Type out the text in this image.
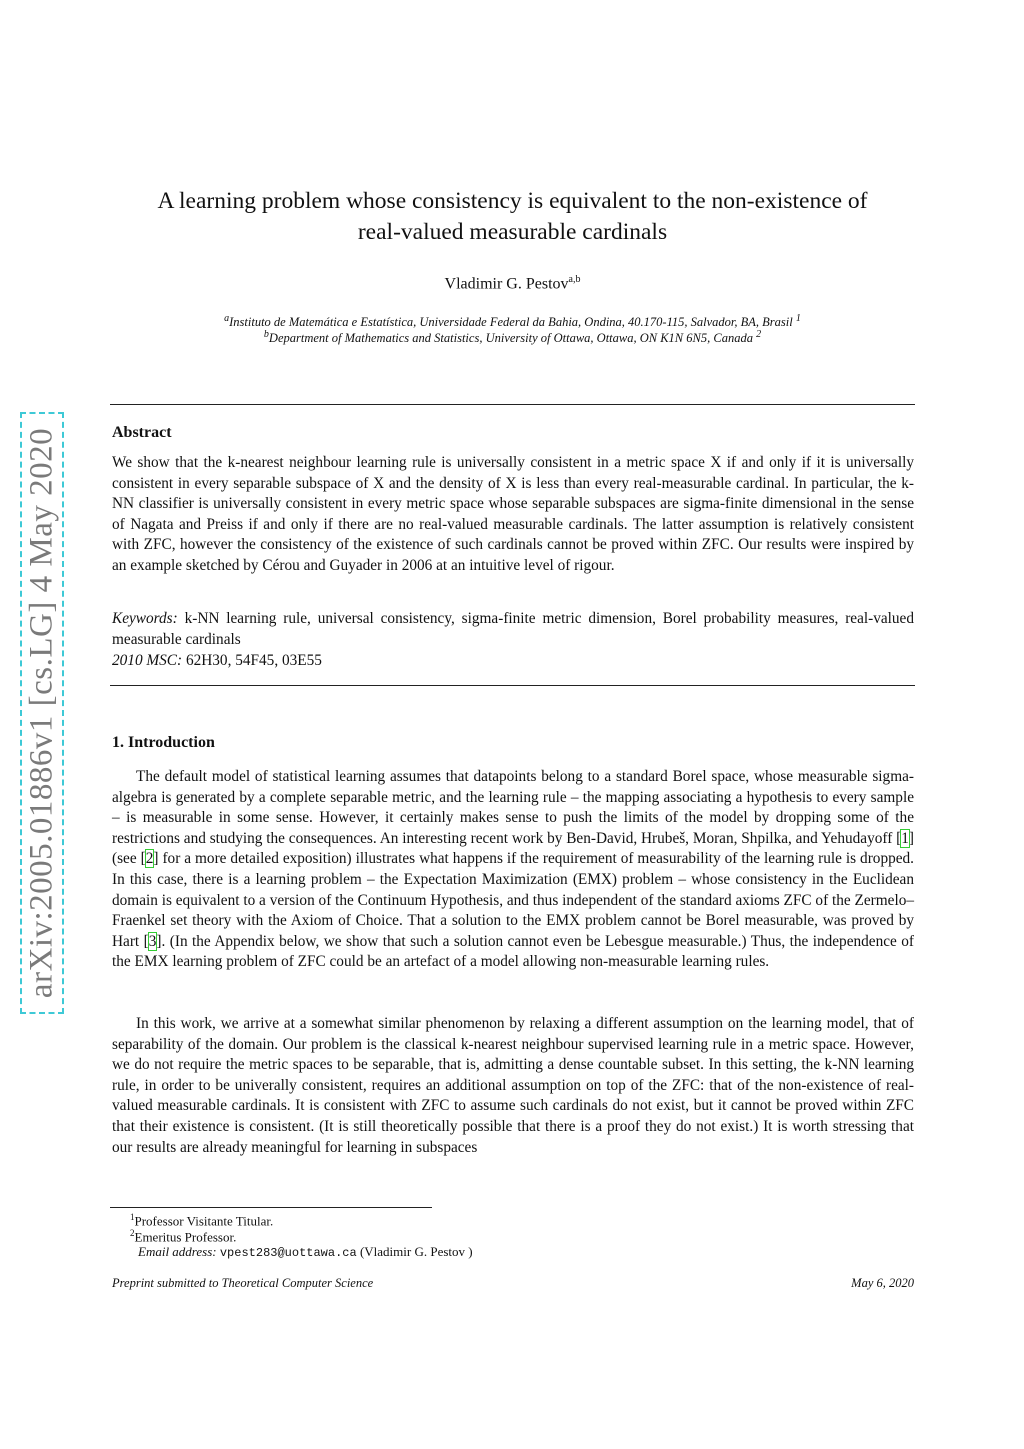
arXiv:2005.01886v1 [cs.LG] 4 May 2020
A learning problem whose consistency is equivalent to the non-existence of
real-valued measurable cardinals
Vladimir G. Pestov$^{a,b}$
$^a$Instituto de Matemática e Estatística, Universidade Federal da Bahia, Ondina, 40.170-115, Salvador, BA, Brasil $^1$
$^b$Department of Mathematics and Statistics, University of Ottawa, Ottawa, ON K1N 6N5, Canada $^2$
Abstract
We show that the k-nearest neighbour learning rule is universally consistent in a metric space X if and only if it is universally consistent in every separable subspace of X and the density of X is less than every real-measurable cardinal. In particular, the k-NN classifier is universally consistent in every metric space whose separable subspaces are sigma-finite dimensional in the sense of Nagata and Preiss if and only if there are no real-valued measurable cardinals. The latter assumption is relatively consistent with ZFC, however the consistency of the existence of such cardinals cannot be proved within ZFC. Our results were inspired by an example sketched by Cérou and Guyader in 2006 at an intuitive level of rigour.
Keywords: k-NN learning rule, universal consistency, sigma-finite metric dimension, Borel probability measures, real-valued measurable cardinals
2010 MSC: 62H30, 54F45, 03E55
1. Introduction
The default model of statistical learning assumes that datapoints belong to a standard Borel space, whose measurable sigma-algebra is generated by a complete separable metric, and the learning rule – the mapping associating a hypothesis to every sample – is measurable in some sense. However, it certainly makes sense to push the limits of the model by dropping some of the restrictions and studying the consequences. An interesting recent work by Ben-David, Hrubeš, Moran, Shpilka, and Yehudayoff [1] (see [2] for a more detailed exposition) illustrates what happens if the requirement of measurability of the learning rule is dropped. In this case, there is a learning problem – the Expectation Maximization (EMX) problem – whose consistency in the Euclidean domain is equivalent to a version of the Continuum Hypothesis, and thus independent of the standard axioms ZFC of the Zermelo–Fraenkel set theory with the Axiom of Choice. That a solution to the EMX problem cannot be Borel measurable, was proved by Hart [3]. (In the Appendix below, we show that such a solution cannot even be Lebesgue measurable.) Thus, the independence of the EMX learning problem of ZFC could be an artefact of a model allowing non-measurable learning rules.
In this work, we arrive at a somewhat similar phenomenon by relaxing a different assumption on the learning model, that of separability of the domain. Our problem is the classical k-nearest neighbour supervised learning rule in a metric space. However, we do not require the metric spaces to be separable, that is, admitting a dense countable subset. In this setting, the k-NN learning rule, in order to be univerally consistent, requires an additional assumption on top of the ZFC: that of the non-existence of real-valued measurable cardinals. It is consistent with ZFC to assume such cardinals do not exist, but it cannot be proved within ZFC that their existence is consistent. (It is still theoretically possible that there is a proof they do not exist.) It is worth stressing that our results are already meaningful for learning in subspaces
$^1$Professor Visitante Titular.
$^2$Emeritus Professor.
Email address: vpest283@uottawa.ca (Vladimir G. Pestov )
Preprint submitted to Theoretical Computer Science	May 6, 2020
